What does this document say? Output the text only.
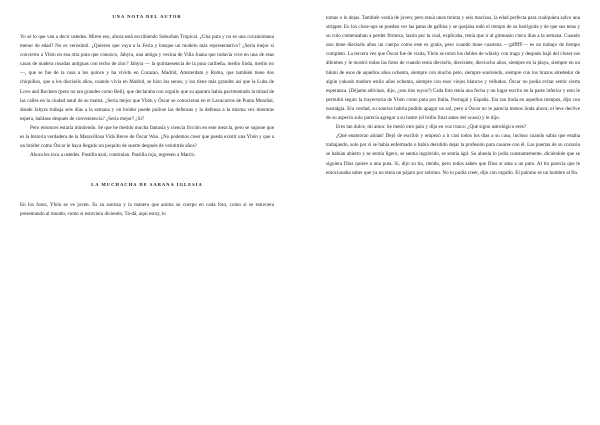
UNA NOTA DEL AUTOR

Yo sé lo que van a decir ustedes. Miren eso, ahora está escribiendo Suburban Tropical. ¿Una puta y no es una cocaínómana menor de edad? No es verosímil. ¿Quieren que vaya a la Feria y busque un modelo más representativo? ¿Sería mejor si convierto a Ybón en esa otra puta que conozco, Jahyra, una amiga y vecina de Villa Juana que todavía vive en una de esas casas de madera rosadas antiguas con techo de zinc? Jahyra — la quintaesencia de la puta caribeña, medio linda, medio no—, que se fue de la casa a los quince y ha vivido en Curazao, Madrid, Amsterdam y Roma, que también tiene dos chiquillos, que a los dieciséis años, cuando vivía en Madrid, se hizo los senos, y los tiene más grandes así que la Luba de Love and Rockers (pero no tan grandes como Beli), que declaraba con orgullo que su aparato había pavimentado la mitad de las calles en la ciudad natal de su mamá. ¿Sería mejor que Ybón y Óscar se conocieran en el Lavacarros de Punta Mundial, donde Jahyra trabaja seis días a la semana y un bróder puede pulirse las defensas y la defensa a la misma vez mientras espera, hablase después de conveniencia? ¿Sería mejor? ¿Si?

Pero entonces estaría mintiendo. Sé que he metido mucha fantasía y ciencia ficción en este mezcla, pero se supone que es la historia verdadera de la Maravillosa Vida Breve de Óscar Wao. ¿No podemos creer que pueda existir una Ybón y que a un bróder como Óscar le haya llegado un poquito de suerte después de veintitrés años?

Ahora les toca a ustedes. Pastilla azul, continúan. Pastilla roja, regresen a Matrix.

LA MUCHACHA DE SABANA IGLESIA

En los fotos, Ybón se ve joven. Es su sonrisa y la manera que anima su cuerpo en cada foto, como si se estuviera presentando al mundo, como si estuviera diciendo, Tá-dá, aquí estoy, lo

tomas o lo dejas. También vestía de joven; pero tenía unos treinta y seis macizos, la edad perfecta para cualquiera salvo una stripper. En los close-ups se pueden ver las patas de gallina y se quejaba todo el tiempo de su barriguita y de que sus tetas y su culo comenzaban a perder firmeza, razón por la cual, explicaba, tenía que ir al gimnasio cinco días a la semana. Cuando uno tiene dieciséis años un cuerpo como este es gratis, pero cuando tiene cuarenta —¡pfffff!— es un trabajo de tiempo completo. La tercera vez que Óscar fue de visita, Ybón se tomó los dobles de whisky con trago y después bajó del closet sus álbumes y le mostró todas las fotos de cuando tenía dieciséis, diecisiete, dieciocho años, siempre en la playa, siempre en un bikini de esos de aquellos años ochenta, siempre con mucho pelo, siempre sonriendo, siempre con los brazos alrededor de algún yakoub maduro estilo años ochenta, siempre con esos viejos blancos y velludos. Óscar no podía evitar sentir cierta esperanza. (Déjame adivinar, dijo, ¿son tíos tuyos?) Cada foto tenía una fecha y un lugar escrito en la parte inferior y esto le permitió seguir la trayectoria de Ybón como puta por Italia, Portugal y España. Era tan linda en aquellos tiempos, dijo con nostalgia. Era verdad, su sonrisa habría podido apagar un sol, pero a Óscar no le parecía menos linda ahora; el leve declive de su aspecto solo parecía agregar a su lustre (el brillo final antes del ocaso) y le dijo.

Eres tan dulce, mi amor. Se metió otro palo y dijo en voz ronca: ¿Qué signo astrológico eres?

¿Qué enamorao atinás! Dejó de escribir y empezó a ir casi todos los días a su casa, incluso cuando sabía que estaba trabajando, solo por si se había enfermado o había decidido dejar la profesión para casarse con él. Las puertas de su corazón se habían abierto y se sentía ligero, se sentía ingrávido, se sentía ágil. Su abuela lo jodía constantemente, diciéndole que se siguiera Dios quiere a una puta. Si, dijo su tío, riendo, pero todos saben que Dios sí ama a un puto. Al tío parecía que le emocionaba saber que ya no tenía un pájaro por sobrino. No lo podía creer, dijo con orgullo. El palomo es un hombre al fin.
